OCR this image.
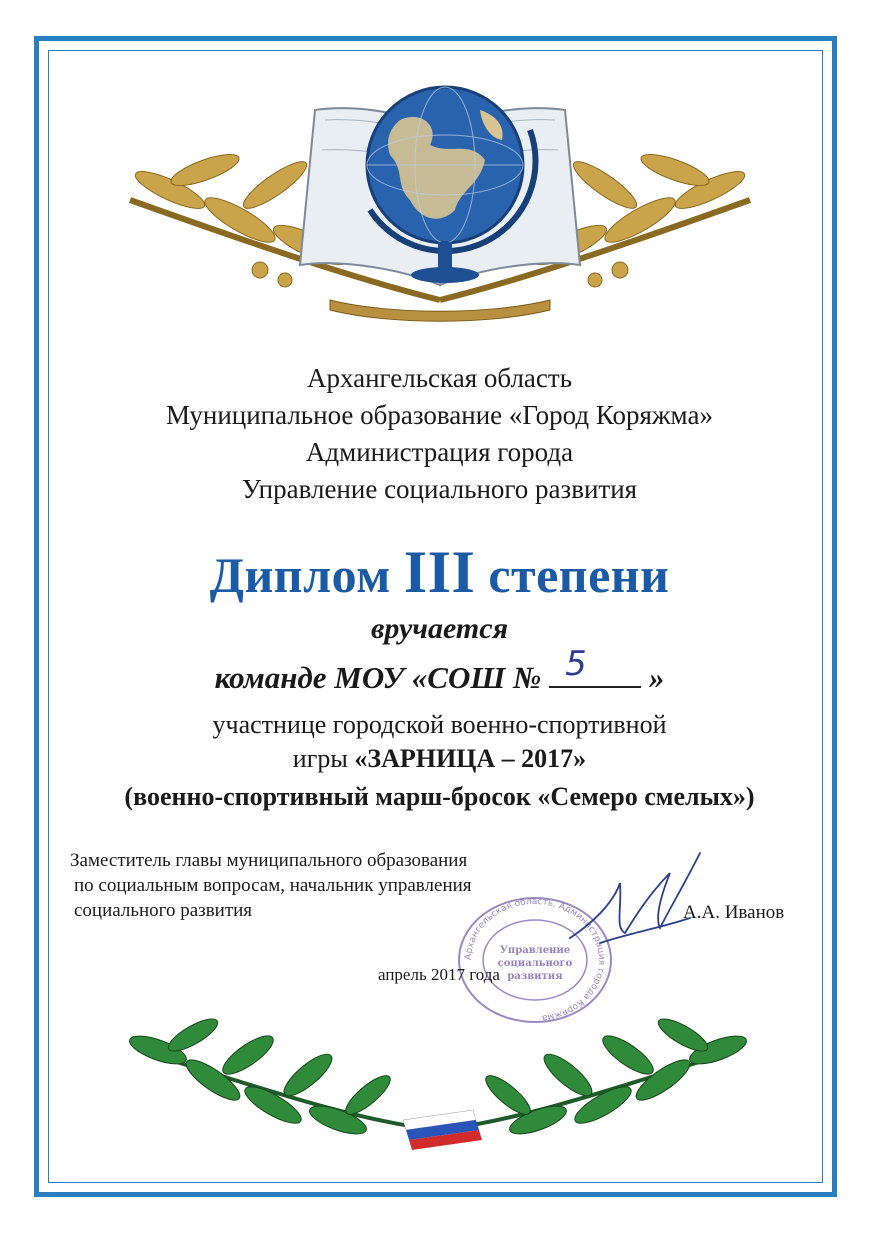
Архангельская область
Муниципальное образование «Город Коряжма»
Администрация города
Управление социального развития
Диплом III степени
вручается
команде МОУ «СОШ № 5 »
участнице городской военно-спортивной
игры «ЗАРНИЦА – 2017»
(военно-спортивный марш-бросок «Семеро смелых»)
Заместитель главы муниципального образования
по социальным вопросам, начальник управления
социального развития
Архангельская область, Администрация города Коряжма
Управление
социального
развития
А.А. Иванов
апрель 2017 года
